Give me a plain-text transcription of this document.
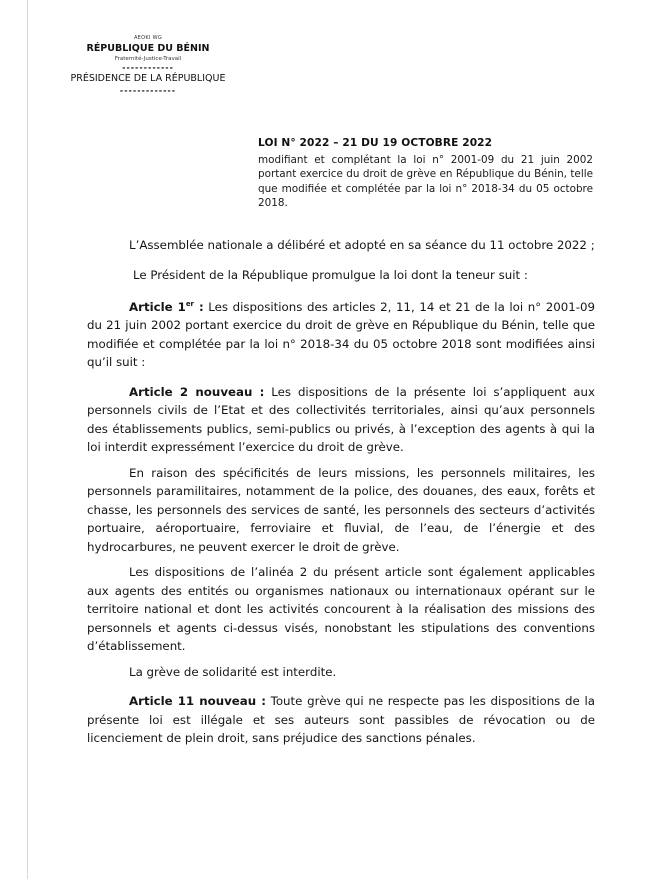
AEOKI WG
RÉPUBLIQUE DU BÉNIN
Fraternité-Justice-Travail
------------
PRÉSIDENCE DE LA RÉPUBLIQUE
-------------
LOI N° 2022 – 21 DU 19 OCTOBRE 2022
modifiant et complétant la loi n° 2001-09 du 21 juin 2002 portant exercice du droit de grève en République du Bénin, telle que modifiée et complétée par la loi n° 2018-34 du 05 octobre 2018.

L’Assemblée nationale a délibéré et adopté en sa séance du 11 octobre 2022 ;

Le Président de la République promulgue la loi dont la teneur suit :

Article 1er : Les dispositions des articles 2, 11, 14 et 21 de la loi n° 2001-09 du 21 juin 2002 portant exercice du droit de grève en République du Bénin, telle que modifiée et complétée par la loi n° 2018-34 du 05 octobre 2018 sont modifiées ainsi qu’il suit :

Article 2 nouveau : Les dispositions de la présente loi s’appliquent aux personnels civils de l’Etat et des collectivités territoriales, ainsi qu’aux personnels des établissements publics, semi-publics ou privés, à l’exception des agents à qui la loi interdit expressément l’exercice du droit de grève.

En raison des spécificités de leurs missions, les personnels militaires, les personnels paramilitaires, notamment de la police, des douanes, des eaux, forêts et chasse, les personnels des services de santé, les personnels des secteurs d’activités portuaire, aéroportuaire, ferroviaire et fluvial, de l’eau, de l’énergie et des hydrocarbures, ne peuvent exercer le droit de grève.

Les dispositions de l’alinéa 2 du présent article sont également applicables aux agents des entités ou organismes nationaux ou internationaux opérant sur le territoire national et dont les activités concourent à la réalisation des missions des personnels et agents ci-dessus visés, nonobstant les stipulations des conventions d’établissement.

La grève de solidarité est interdite.

Article 11 nouveau : Toute grève qui ne respecte pas les dispositions de la présente loi est illégale et ses auteurs sont passibles de révocation ou de licenciement de plein droit, sans préjudice des sanctions pénales.
